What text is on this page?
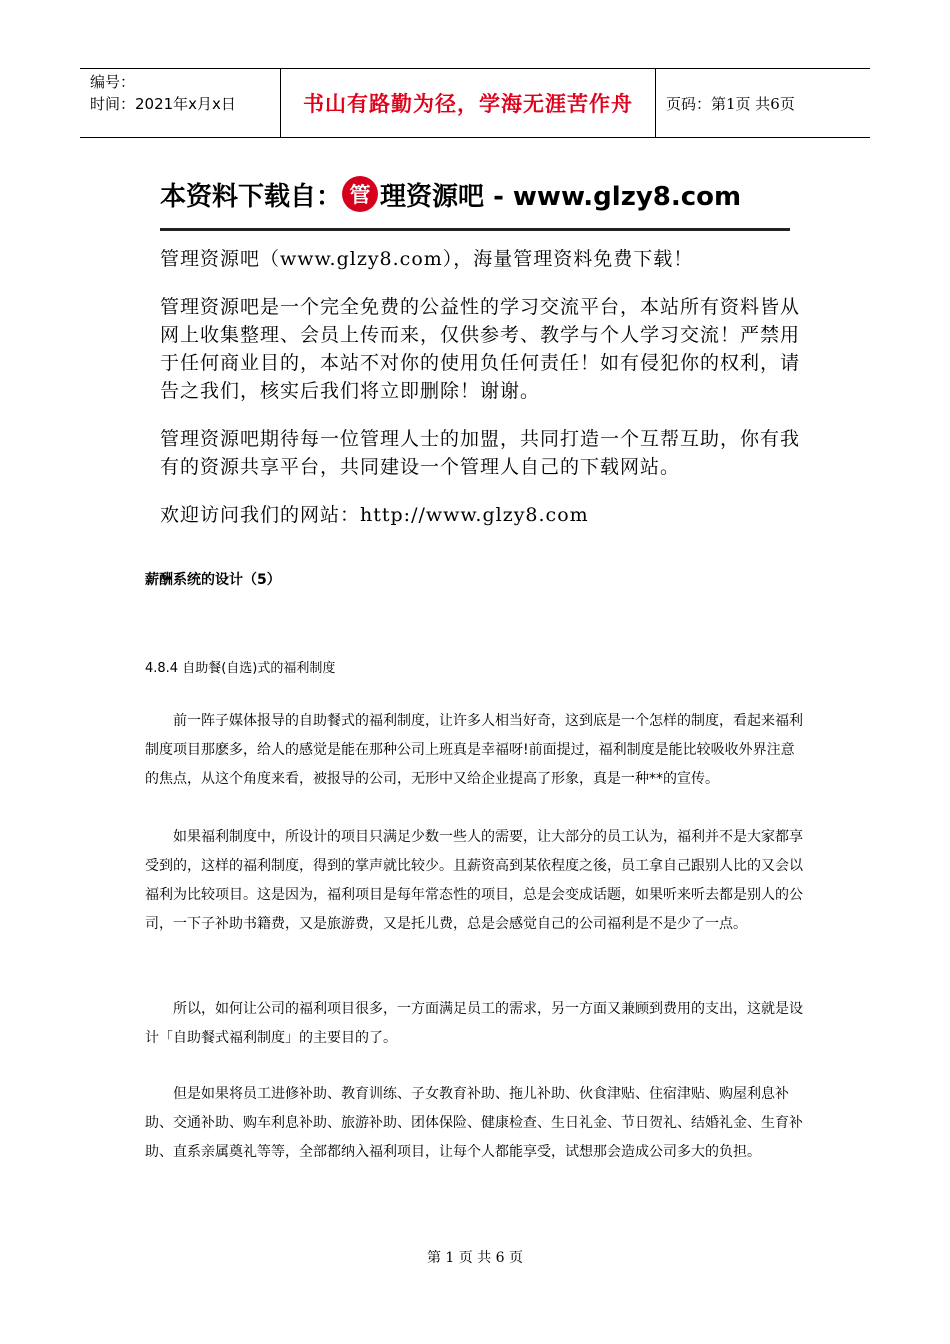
编号：
时间：2021年x月x日	书山有路勤为径，学海无涯苦作舟	页码：第1页 共6页
本资料下载自： 管 理资源吧 - www.glzy8.com

管理资源吧（www.glzy8.com），海量管理资料免费下载！

管理资源吧是一个完全免费的公益性的学习交流平台，本站所有资料皆从网上收集整理、会员上传而来，仅供参考、教学与个人学习交流！严禁用于任何商业目的，本站不对你的使用负任何责任！如有侵犯你的权利，请告之我们，核实后我们将立即删除！谢谢。

管理资源吧期待每一位管理人士的加盟，共同打造一个互帮互助，你有我有的资源共享平台，共同建设一个管理人自己的下载网站。

欢迎访问我们的网站：http://www.glzy8.com

薪酬系统的设计（5）
4.8.4 自助餐(自选)式的福利制度

前一阵子媒体报导的自助餐式的福利制度，让许多人相当好奇，这到底是一个怎样的制度，看起来福利制度项目那麽多，给人的感觉是能在那种公司上班真是幸福呀!前面提过，福利制度是能比较吸收外界注意的焦点，从这个角度来看，被报导的公司，无形中又给企业提高了形象，真是一种**的宣传。

如果福利制度中，所设计的项目只满足少数一些人的需要，让大部分的员工认为，福利并不是大家都享受到的，这样的福利制度，得到的掌声就比较少。且薪资高到某依程度之後，员工拿自己跟别人比的又会以福利为比较项目。这是因为，福利项目是每年常态性的项目，总是会变成话题，如果听来听去都是别人的公司，一下子补助书籍费，又是旅游费，又是托儿费，总是会感觉自己的公司福利是不是少了一点。

所以，如何让公司的福利项目很多，一方面满足员工的需求，另一方面又兼顾到费用的支出，这就是设计「自助餐式福利制度」的主要目的了。

但是如果将员工进修补助、教育训练、子女教育补助、拖儿补助、伙食津贴、住宿津贴、购屋利息补助、交通补助、购车利息补助、旅游补助、团体保险、健康检查、生日礼金、节日贺礼、结婚礼金、生育补助、直系亲属奠礼等等，全部都纳入福利项目，让每个人都能享受，试想那会造成公司多大的负担。

第 1 页 共 6 页
